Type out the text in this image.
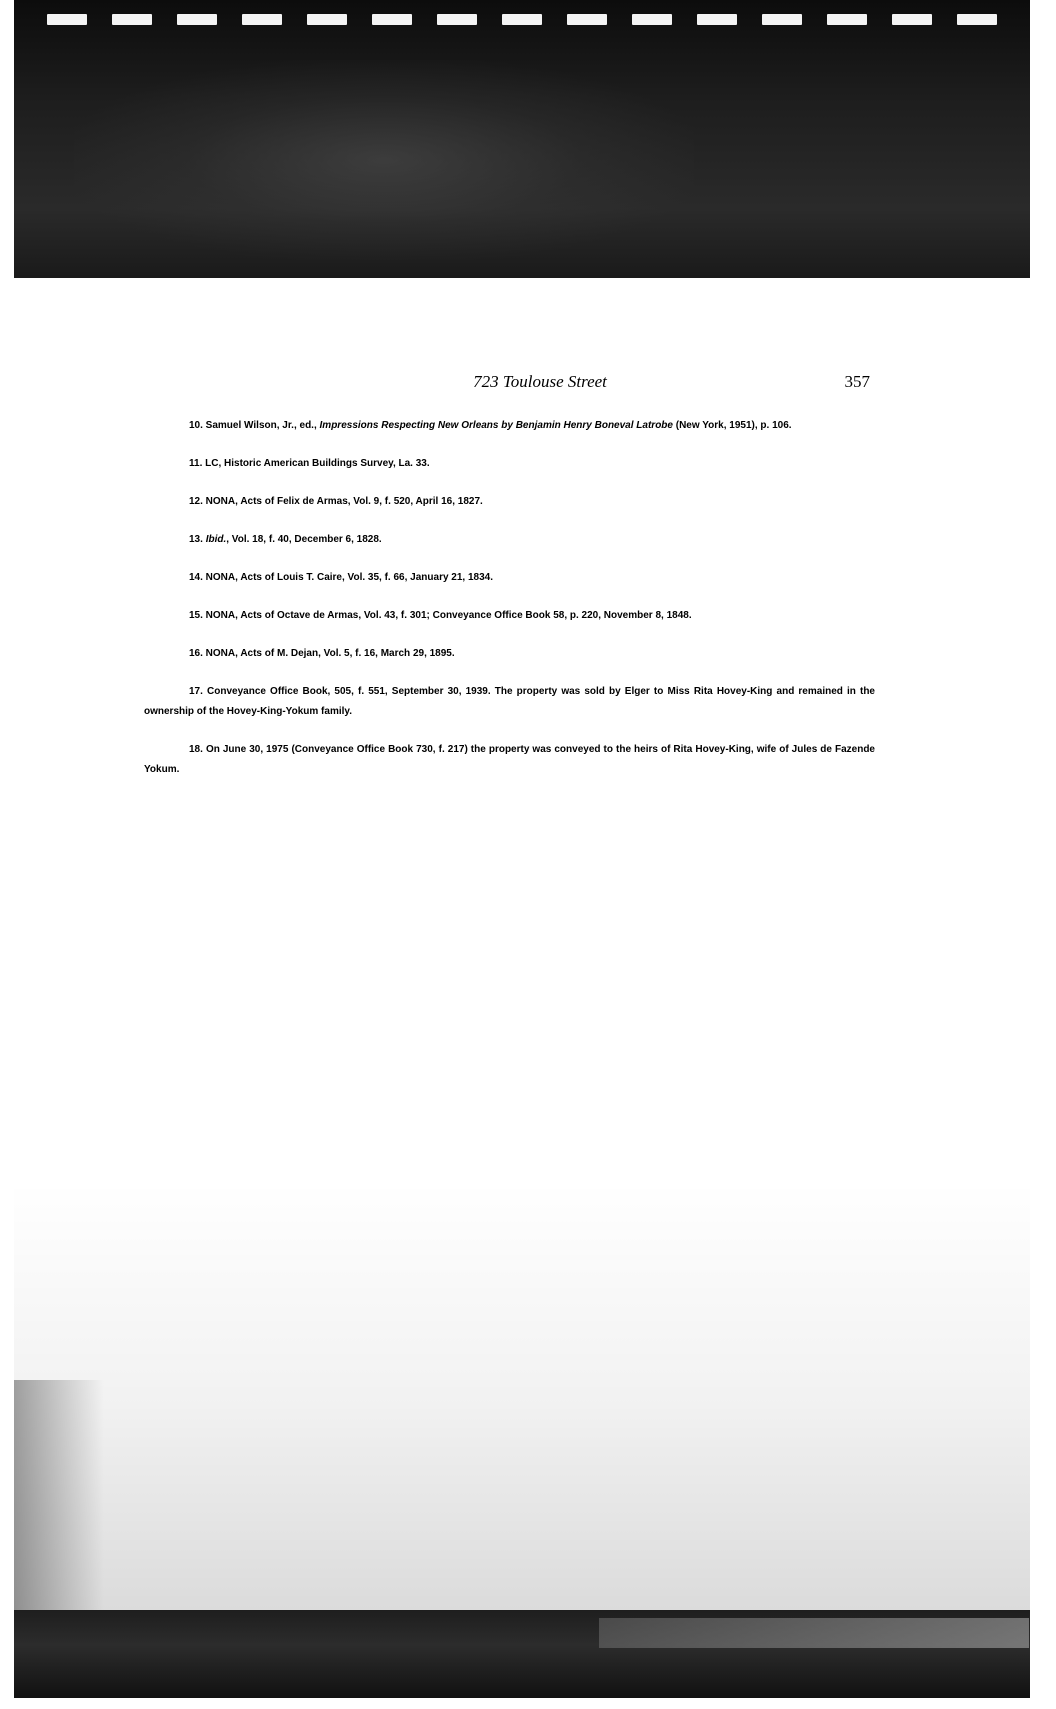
723 Toulouse Street	357

10. Samuel Wilson, Jr., ed., Impressions Respecting New Orleans by Benjamin Henry Boneval Latrobe (New York, 1951), p. 106.

11. LC, Historic American Buildings Survey, La. 33.

12. NONA, Acts of Felix de Armas, Vol. 9, f. 520, April 16, 1827.

13. Ibid., Vol. 18, f. 40, December 6, 1828.

14. NONA, Acts of Louis T. Caire, Vol. 35, f. 66, January 21, 1834.

15. NONA, Acts of Octave de Armas, Vol. 43, f. 301; Conveyance Office Book 58, p. 220, November 8, 1848.

16. NONA, Acts of M. Dejan, Vol. 5, f. 16, March 29, 1895.

17. Conveyance Office Book, 505, f. 551, September 30, 1939. The property was sold by Elger to Miss Rita Hovey-King and remained in the ownership of the Hovey-King-Yokum family.

18. On June 30, 1975 (Conveyance Office Book 730, f. 217) the property was conveyed to the heirs of Rita Hovey-King, wife of Jules de Fazende Yokum.
